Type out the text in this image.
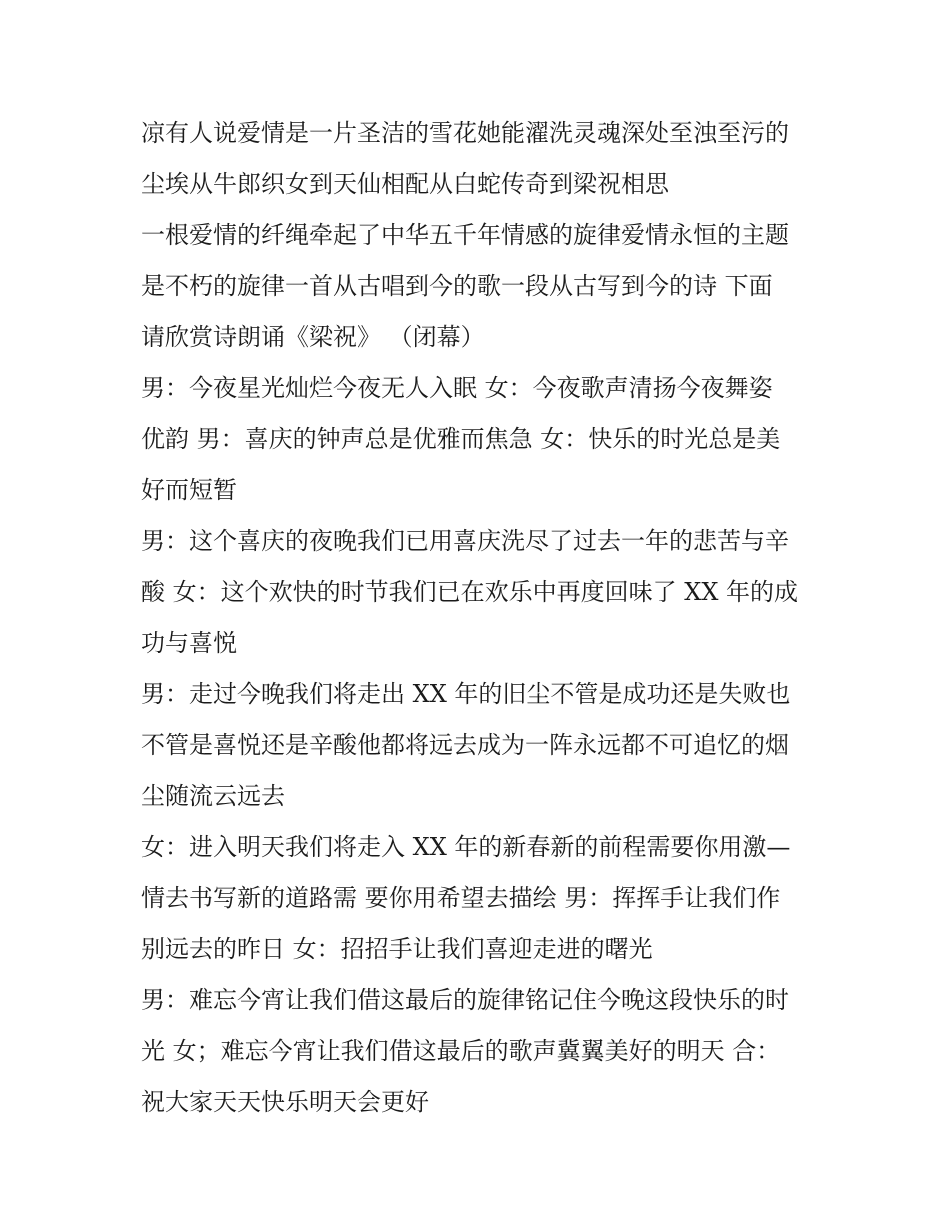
凉有人说爱情是一片圣洁的雪花她能濯洗灵魂深处至浊至污的
尘埃从牛郎织女到天仙相配从白蛇传奇到梁祝相思
一根爱情的纤绳牵起了中华五千年情感的旋律爱情永恒的主题
是不朽的旋律一首从古唱到今的歌一段从古写到今的诗 下面
请欣赏诗朗诵《梁祝》 （闭幕）
男：今夜星光灿烂今夜无人入眠 女：今夜歌声清扬今夜舞姿
优韵 男：喜庆的钟声总是优雅而焦急 女：快乐的时光总是美
好而短暂
男：这个喜庆的夜晚我们已用喜庆洗尽了过去一年的悲苦与辛
酸 女：这个欢快的时节我们已在欢乐中再度回味了 XX 年的成
功与喜悦
男：走过今晚我们将走出 XX 年的旧尘不管是成功还是失败也
不管是喜悦还是辛酸他都将远去成为一阵永远都不可追忆的烟
尘随流云远去
女：进入明天我们将走入 XX 年的新春新的前程需要你用激—
情去书写新的道路需 要你用希望去描绘 男：挥挥手让我们作
别远去的昨日 女：招招手让我们喜迎走进的曙光
男：难忘今宵让我们借这最后的旋律铭记住今晚这段快乐的时
光 女；难忘今宵让我们借这最后的歌声冀翼美好的明天 合：
祝大家天天快乐明天会更好
